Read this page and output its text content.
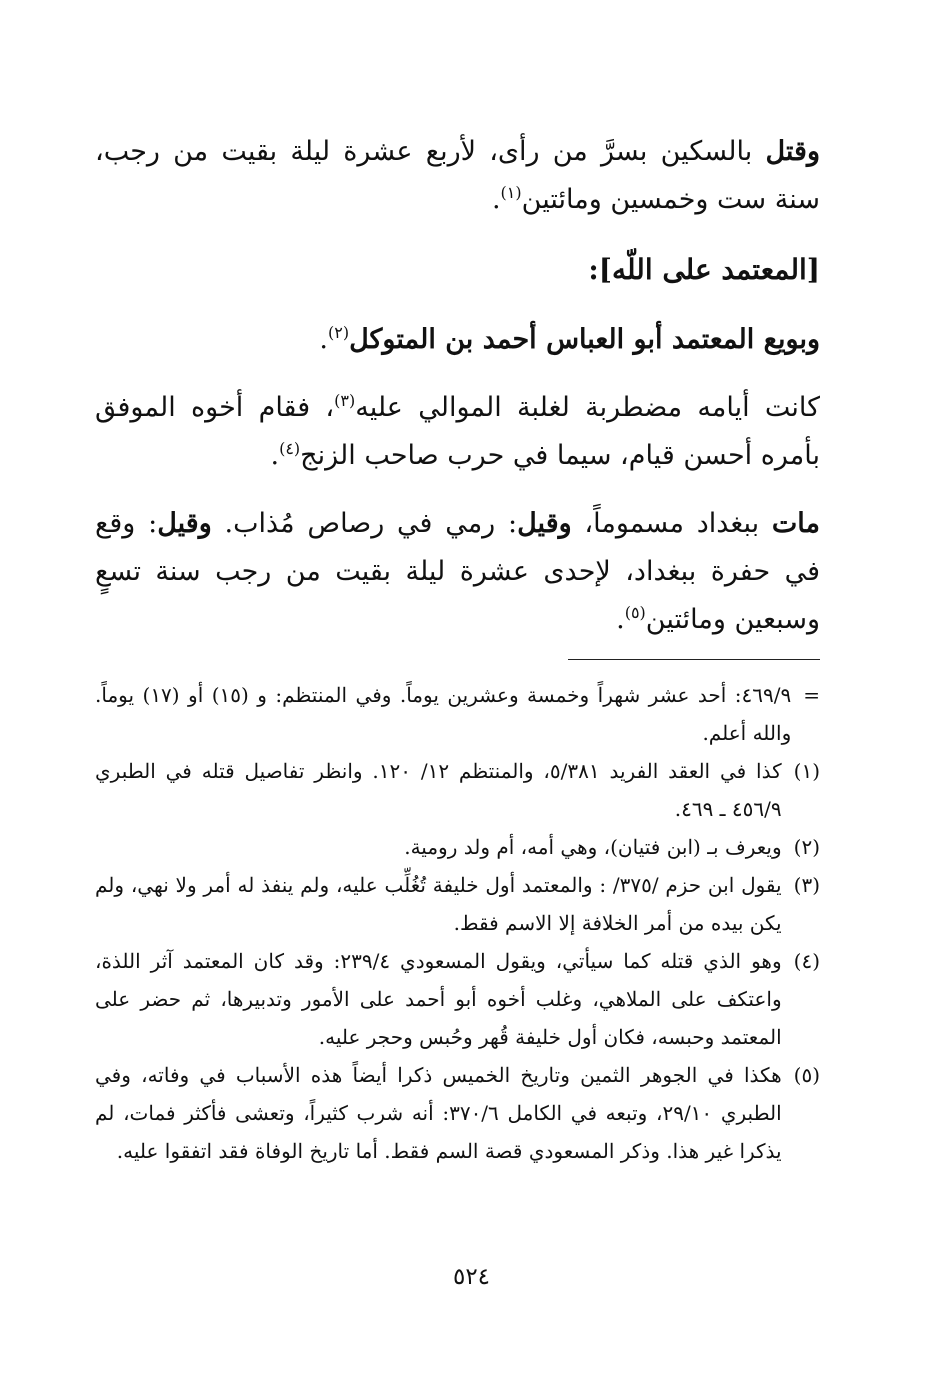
وقتل بالسكين بسرَّ من رأى، لأربع عشرة ليلة بقيت من رجب، سنة ست وخمسين ومائتين$^{(١)}$.

[المعتمد على اللّه]:

وبويع المعتمد أبو العباس أحمد بن المتوكل$^{(٢)}$.

كانت أيامه مضطربة لغلبة الموالي عليه$^{(٣)}$، فقام أخوه الموفق بأمره أحسن قيام، سيما في حرب صاحب الزنج$^{(٤)}$.

مات ببغداد مسموماً، وقيل: رمي في رصاص مُذاب. وقيل: وقع في حفرة ببغداد، لإحدى عشرة ليلة بقيت من رجب سنة تسعٍ وسبعين ومائتين$^{(٥)}$.

=
٤٦٩/٩: أحد عشر شهراً وخمسة وعشرين يوماً. وفي المنتظم: و (١٥) أو (١٧) يوماً. والله أعلم.
(١)
كذا في العقد الفريد ٥/٣٨١، والمنتظم ١٢/ ١٢٠. وانظر تفاصيل قتله في الطبري ٤٥٦/٩ ـ ٤٦٩.
(٢)
ويعرف بـ (ابن فتيان)، وهي أمه، أم ولد رومية.
(٣)
يقول ابن حزم /٣٧٥/ : والمعتمد أول خليفة تُغُلِّب عليه، ولم ينفذ له أمر ولا نهي، ولم يكن بيده من أمر الخلافة إلا الاسم فقط.
(٤)
وهو الذي قتله كما سيأتي، ويقول المسعودي ٢٣٩/٤: وقد كان المعتمد آثر اللذة، واعتكف على الملاهي، وغلب أخوه أبو أحمد على الأمور وتدبيرها، ثم حضر على المعتمد وحبسه، فكان أول خليفة قُهر وحُبس وحجر عليه.
(٥)
هكذا في الجوهر الثمين وتاريخ الخميس ذكرا أيضاً هذه الأسباب في وفاته، وفي الطبري ٢٩/١٠، وتبعه في الكامل ٣٧٠/٦: أنه شرب كثيراً، وتعشى فأكثر فمات، لم يذكرا غير هذا. وذكر المسعودي قصة السم فقط. أما تاريخ الوفاة فقد اتفقوا عليه.
٥٢٤
